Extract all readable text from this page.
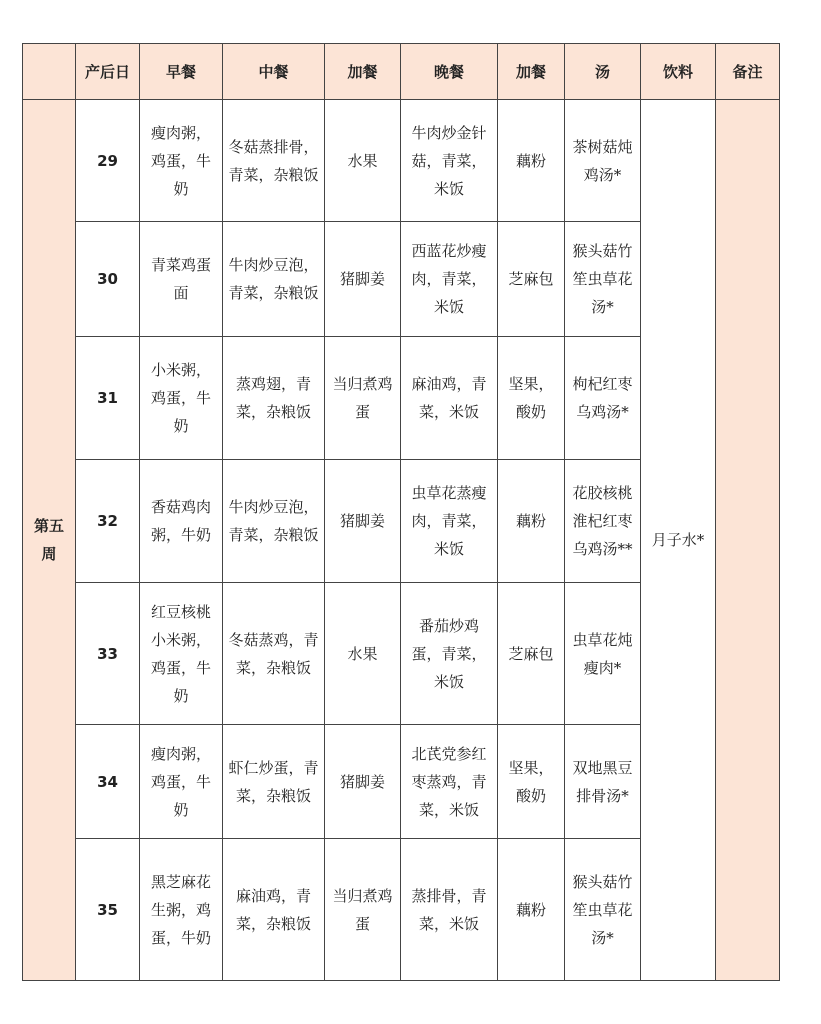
	产后日	早餐	中餐	加餐	晚餐	加餐	汤	饮料	备注
第五周	29	瘦肉粥，鸡蛋，牛奶	冬菇蒸排骨，青菜，杂粮饭	水果	牛肉炒金针菇，青菜，米饭	藕粉	茶树菇炖鸡汤*	月子水*	
	30	青菜鸡蛋面	牛肉炒豆泡，青菜，杂粮饭	猪脚姜	西蓝花炒瘦肉，青菜，米饭	芝麻包	猴头菇竹笙虫草花汤*		
	31	小米粥，鸡蛋，牛奶	蒸鸡翅，青菜，杂粮饭	当归煮鸡蛋	麻油鸡，青菜，米饭	坚果，酸奶	枸杞红枣乌鸡汤*		
	32	香菇鸡肉粥，牛奶	牛肉炒豆泡，青菜，杂粮饭	猪脚姜	虫草花蒸瘦肉，青菜，米饭	藕粉	花胶核桃淮杞红枣乌鸡汤**		
	33	红豆核桃小米粥，鸡蛋，牛奶	冬菇蒸鸡，青菜，杂粮饭	水果	番茄炒鸡蛋，青菜，米饭	芝麻包	虫草花炖瘦肉*		
	34	瘦肉粥，鸡蛋，牛奶	虾仁炒蛋，青菜，杂粮饭	猪脚姜	北芪党参红枣蒸鸡，青菜，米饭	坚果，酸奶	双地黑豆排骨汤*		
	35	黑芝麻花生粥，鸡蛋，牛奶	麻油鸡，青菜，杂粮饭	当归煮鸡蛋	蒸排骨，青菜，米饭	藕粉	猴头菇竹笙虫草花汤*		
